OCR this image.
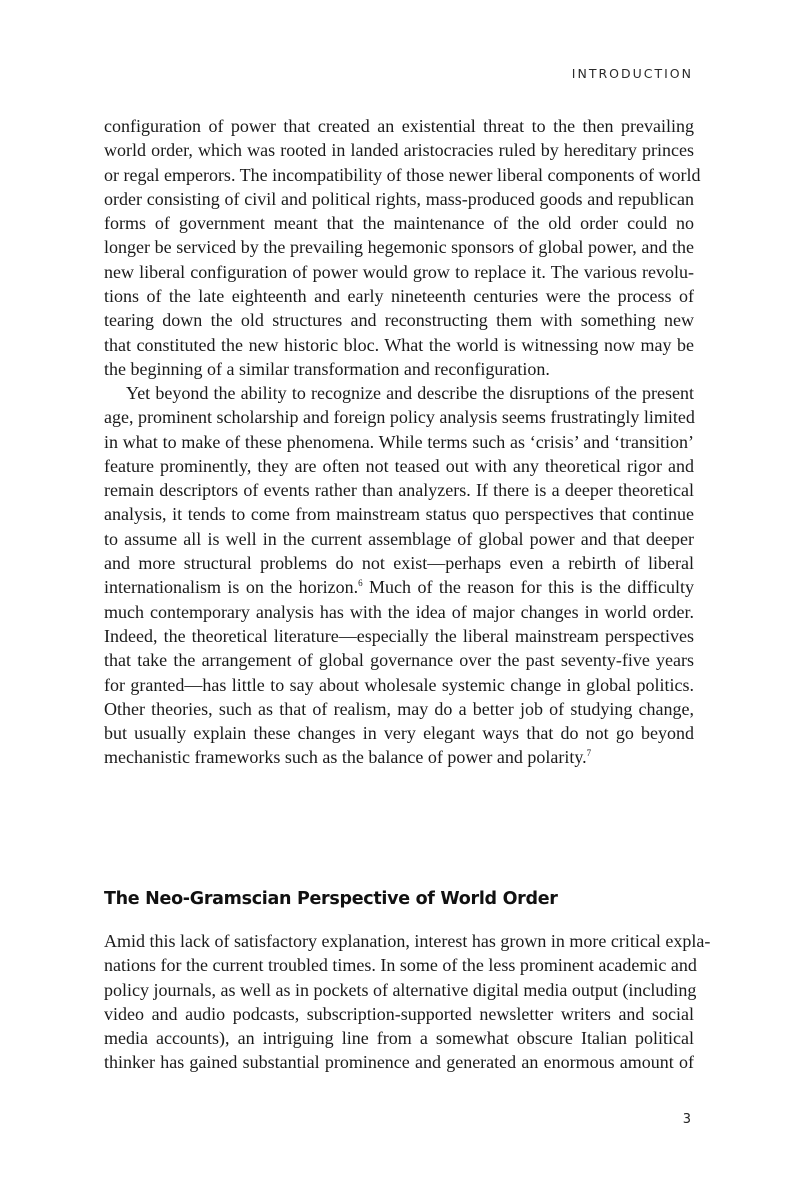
INTRODUCTION

configuration of power that created an existential threat to the then prevailing
world order, which was rooted in landed aristocracies ruled by hereditary princes
or regal emperors. The incompatibility of those newer liberal components of world
order consisting of civil and political rights, mass-produced goods and republican
forms of government meant that the maintenance of the old order could no
longer be serviced by the prevailing hegemonic sponsors of global power, and the
new liberal configuration of power would grow to replace it. The various revolu-
tions of the late eighteenth and early nineteenth centuries were the process of
tearing down the old structures and reconstructing them with something new
that constituted the new historic bloc. What the world is witnessing now may be
the beginning of a similar transformation and reconfiguration.

Yet beyond the ability to recognize and describe the disruptions of the present
age, prominent scholarship and foreign policy analysis seems frustratingly limited
in what to make of these phenomena. While terms such as ‘crisis’ and ‘transition’
feature prominently, they are often not teased out with any theoretical rigor and
remain descriptors of events rather than analyzers. If there is a deeper theoretical
analysis, it tends to come from mainstream status quo perspectives that continue
to assume all is well in the current assemblage of global power and that deeper
and more structural problems do not exist—perhaps even a rebirth of liberal
internationalism is on the horizon.$^6$ Much of the reason for this is the difficulty
much contemporary analysis has with the idea of major changes in world order.
Indeed, the theoretical literature—especially the liberal mainstream perspectives
that take the arrangement of global governance over the past seventy-five years
for granted—has little to say about wholesale systemic change in global politics.
Other theories, such as that of realism, may do a better job of studying change,
but usually explain these changes in very elegant ways that do not go beyond
mechanistic frameworks such as the balance of power and polarity.$^7$

The Neo-Gramscian Perspective of World Order

Amid this lack of satisfactory explanation, interest has grown in more critical expla-
nations for the current troubled times. In some of the less prominent academic and
policy journals, as well as in pockets of alternative digital media output (including
video and audio podcasts, subscription-supported newsletter writers and social
media accounts), an intriguing line from a somewhat obscure Italian political
thinker has gained substantial prominence and generated an enormous amount of

3
